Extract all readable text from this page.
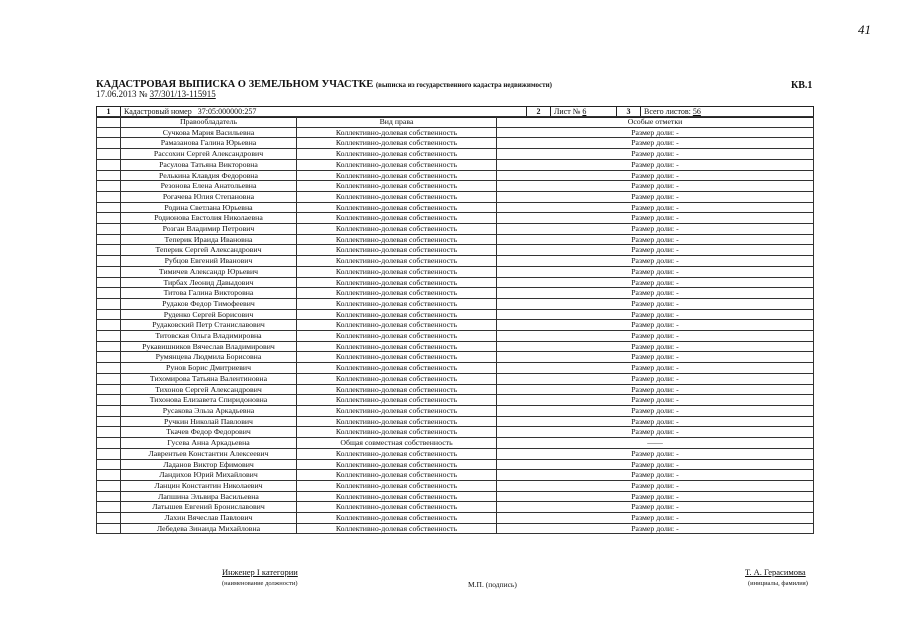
41
КАДАСТРОВАЯ ВЫПИСКА О ЗЕМЕЛЬНОМ УЧАСТКЕ (выписка из государственного кадастра недвижимости)	КВ.1
17.06.2013 № 37/301/13-115915
1	Кадастровый номер 37:05:000000:257	2	Лист № 6	3	Всего листов: 56
	Правообладатель	Вид права	Особые отметки
	Сучкова Мария Васильевна	Коллективно-долевая собственность	Размер доли: -
	Рамазанова Галина Юрьевна	Коллективно-долевая собственность	Размер доли: -
	Рассохин Сергей Александрович	Коллективно-долевая собственность	Размер доли: -
	Расулова Татьяна Викторовна	Коллективно-долевая собственность	Размер доли: -
	Релькина Клавдия Федоровна	Коллективно-долевая собственность	Размер доли: -
	Резонова Елена Анатольевна	Коллективно-долевая собственность	Размер доли: -
	Рогачева Юлия Степановна	Коллективно-долевая собственность	Размер доли: -
	Родина Светлана Юрьевна	Коллективно-долевая собственность	Размер доли: -
	Родионова Евстолия Николаевна	Коллективно-долевая собственность	Размер доли: -
	Розган Владимир Петрович	Коллективно-долевая собственность	Размер доли: -
	Теперик Ираида Ивановна	Коллективно-долевая собственность	Размер доли: -
	Теперик Сергей Александрович	Коллективно-долевая собственность	Размер доли: -
	Рубцов Евгений Иванович	Коллективно-долевая собственность	Размер доли: -
	Тимичев Александр Юрьевич	Коллективно-долевая собственность	Размер доли: -
	Тирбах Леонид Давыдович	Коллективно-долевая собственность	Размер доли: -
	Титова Галина Викторовна	Коллективно-долевая собственность	Размер доли: -
	Рудаков Федор Тимофеевич	Коллективно-долевая собственность	Размер доли: -
	Руденко Сергей Борисович	Коллективно-долевая собственность	Размер доли: -
	Рудаковский Петр Станиславович	Коллективно-долевая собственность	Размер доли: -
	Титовская Ольга Владимировна	Коллективно-долевая собственность	Размер доли: -
	Рукавишников Вячеслав Владимирович	Коллективно-долевая собственность	Размер доли: -
	Румянцева Людмила Борисовна	Коллективно-долевая собственность	Размер доли: -
	Рунов Борис Дмитриевич	Коллективно-долевая собственность	Размер доли: -
	Тихомирова Татьяна Валентиновна	Коллективно-долевая собственность	Размер доли: -
	Тихонов Сергей Александрович	Коллективно-долевая собственность	Размер доли: -
	Тихонова Елизавета Спиридоновна	Коллективно-долевая собственность	Размер доли: -
	Русакова Эльза Аркадьевна	Коллективно-долевая собственность	Размер доли: -
	Ручкин Николай Павлович	Коллективно-долевая собственность	Размер доли: -
	Ткачев Федор Федорович	Коллективно-долевая собственность	Размер доли: -
	Гусева Анна Аркадьевна	Общая совместная собственность	——
	Лаврентьев Константин Алексеевич	Коллективно-долевая собственность	Размер доли: -
	Ладанов Виктор Ефимович	Коллективно-долевая собственность	Размер доли: -
	Ландихов Юрий Михайлович	Коллективно-долевая собственность	Размер доли: -
	Ланцин Константин Николаевич	Коллективно-долевая собственность	Размер доли: -
	Лапшина Эльвира Васильевна	Коллективно-долевая собственность	Размер доли: -
	Латышев Евгений Брониславович	Коллективно-долевая собственность	Размер доли: -
	Лахин Вячеслав Павлович	Коллективно-долевая собственность	Размер доли: -
	Лебедева Зинаида Михайловна	Коллективно-долевая собственность	Размер доли: -
Инженер I категории
(наименование должности)	М.П. (подпись)
Т. А. Герасимова
(инициалы, фамилия)
